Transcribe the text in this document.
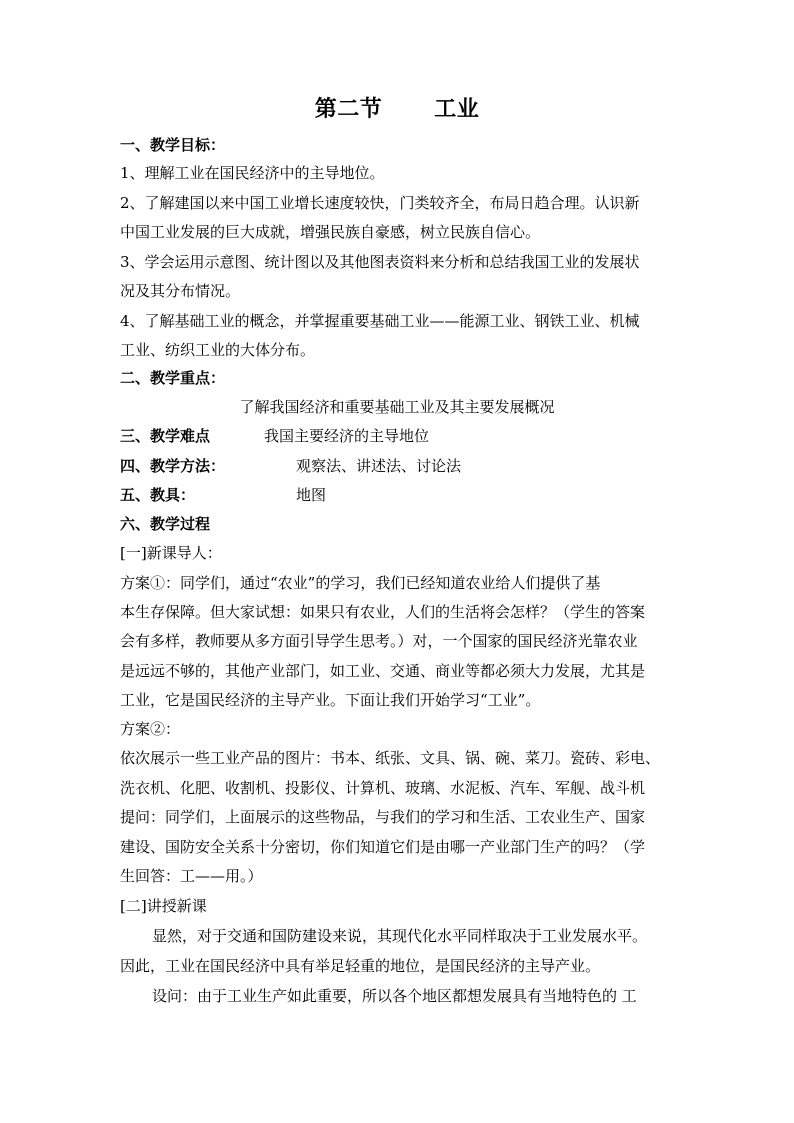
第二节 工业
一、教学目标：
1、理解工业在国民经济中的主导地位。
2、了解建国以来中国工业增长速度较快，门类较齐全，布局日趋合理。认识新
中国工业发展的巨大成就，增强民族自豪感，树立民族自信心。
3、学会运用示意图、统计图以及其他图表资料来分析和总结我国工业的发展状
况及其分布情况。
4、了解基础工业的概念，并掌握重要基础工业——能源工业、钢铁工业、机械
工业、纺织工业的大体分布。
二、教学重点：
了解我国经济和重要基础工业及其主要发展概况
三、教学难点	我国主要经济的主导地位
四、教学方法：	观察法、讲述法、讨论法
五、教具：	地图
六、教学过程
[一]新课导人：
方案①：同学们，通过“农业”的学习，我们已经知道农业给人们提供了基
本生存保障。但大家试想：如果只有农业，人们的生活将会怎样？（学生的答案
会有多样，教师要从多方面引导学生思考。）对，一个国家的国民经济光靠农业
是远远不够的，其他产业部门，如工业、交通、商业等都必须大力发展，尤其是
工业，它是国民经济的主导产业。下面让我们开始学习“工业”。
方案②：
依次展示一些工业产品的图片：书本、纸张、文具、锅、碗、菜刀。瓷砖、彩电、
洗衣机、化肥、收割机、投影仪、计算机、玻璃、水泥板、汽车、军舰、战斗机
提问：同学们，上面展示的这些物品，与我们的学习和生活、工农业生产、国家
建设、国防安全关系十分密切，你们知道它们是由哪一产业部门生产的吗？（学
生回答：工——用。）
[二]讲授新课
显然，对于交通和国防建设来说，其现代化水平同样取决于工业发展水平。
因此，工业在国民经济中具有举足轻重的地位，是国民经济的主导产业。
设问：由于工业生产如此重要，所以各个地区都想发展具有当地特色的 工
